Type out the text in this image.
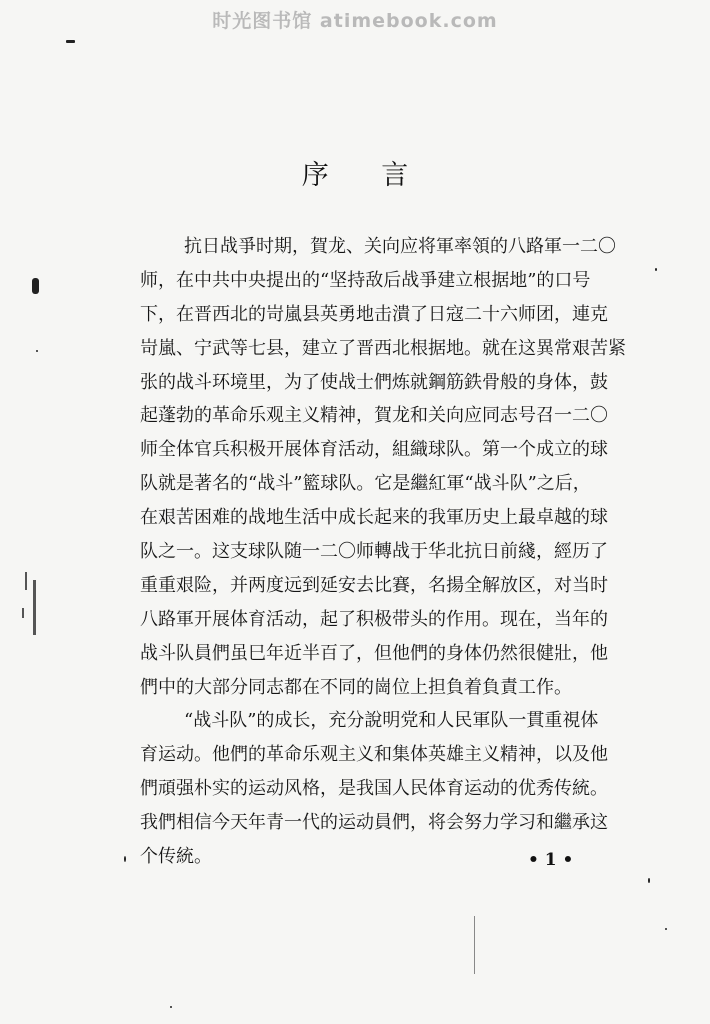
时光图书馆 atimebook.com
序 言
抗日战爭时期，賀龙、关向应将軍率領的八路軍一二〇
师，在中共中央提出的“坚持敌后战爭建立根据地”的口号
下，在晋西北的岢嵐县英勇地击潰了日寇二十六师团，連克
岢嵐、宁武等七县，建立了晋西北根据地。就在这異常艰苦紧
张的战斗环境里，为了使战士們炼就鋼筋鉄骨般的身体，鼓
起蓬勃的革命乐观主义精神，賀龙和关向应同志号召一二〇
师全体官兵积极开展体育活动，組織球队。第一个成立的球
队就是著名的“战斗”籃球队。它是繼紅軍“战斗队”之后，
在艰苦困难的战地生活中成长起来的我軍历史上最卓越的球
队之一。这支球队随一二〇师轉战于华北抗日前綫，經历了
重重艰险，并两度远到延安去比賽，名揚全解放区，对当时
八路軍开展体育活动，起了积极带头的作用。现在，当年的
战斗队員們虽巳年近半百了，但他們的身体仍然很健壯，他
們中的大部分同志都在不同的崗位上担負着負責工作。
“战斗队”的成长，充分說明党和人民軍队一貫重視体
育运动。他們的革命乐观主义和集体英雄主义精神，以及他
們頑强朴实的运动风格，是我国人民体育运动的优秀传統。
我們相信今天年青一代的运动員們，将会努力学习和繼承这
个传統。	• 1 •
